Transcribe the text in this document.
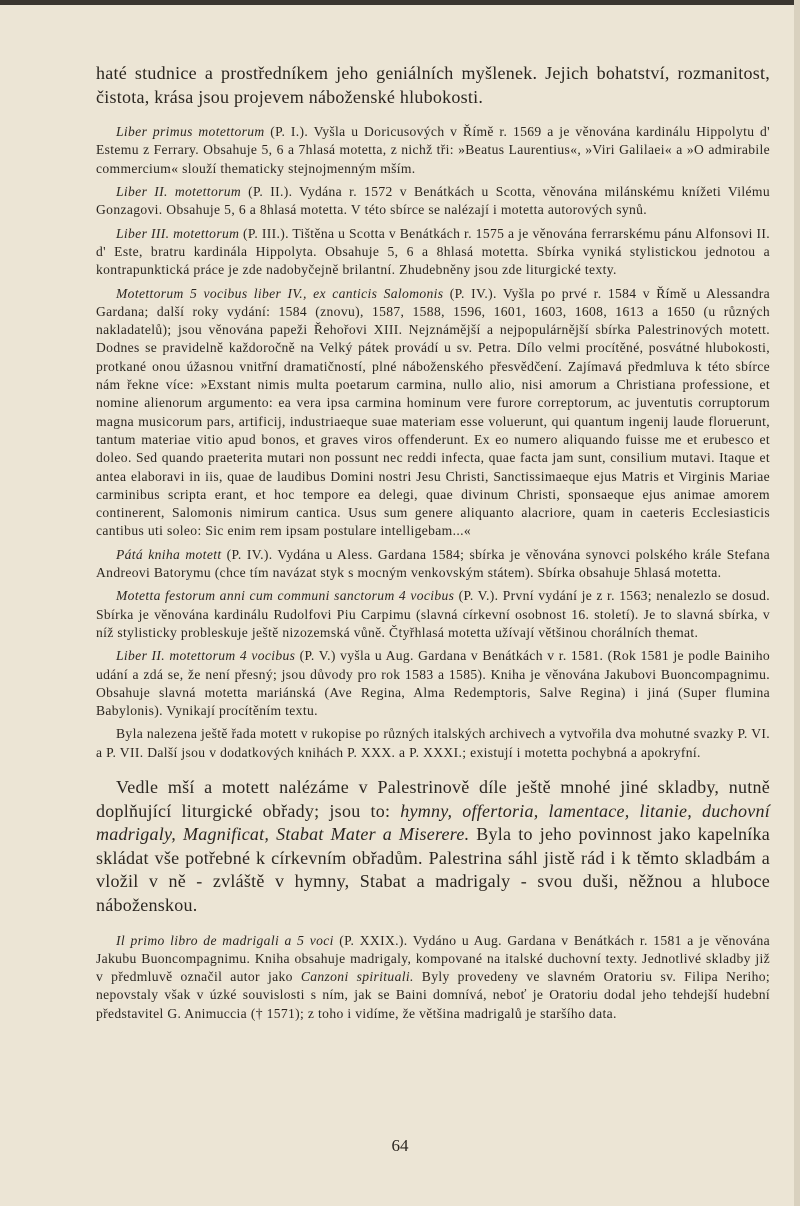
haté studnice a prostředníkem jeho geniálních myšlenek. Jejich bohatství, rozmanitost, čistota, krása jsou projevem náboženské hlubokosti.

Liber primus motettorum (P. I.). Vyšla u Doricusových v Římě r. 1569 a je věnována kardinálu Hippolytu d' Estemu z Ferrary. Obsahuje 5, 6 a 7hlasá motetta, z nichž tři: »Beatus Laurentius«, »Viri Galilaei« a »O admirabile commercium« slouží thematicky stejnojmenným mším.

Liber II. motettorum (P. II.). Vydána r. 1572 v Benátkách u Scotta, věnována milánskému knížeti Vilému Gonzagovi. Obsahuje 5, 6 a 8hlasá motetta. V této sbírce se nalézají i motetta autorových synů.

Liber III. motettorum (P. III.). Tištěna u Scotta v Benátkách r. 1575 a je věnována ferrarskému pánu Alfonsovi II. d' Este, bratru kardinála Hippolyta. Obsahuje 5, 6 a 8hlasá motetta. Sbírka vyniká stylistickou jednotou a kontrapunktická práce je zde nadobyčejně brilantní. Zhudebněny jsou zde liturgické texty.

Motettorum 5 vocibus liber IV., ex canticis Salomonis (P. IV.). Vyšla po prvé r. 1584 v Římě u Alessandra Gardana; další roky vydání: 1584 (znovu), 1587, 1588, 1596, 1601, 1603, 1608, 1613 a 1650 (u různých nakladatelů); jsou věnována papeži Řehořovi XIII. Nejznámější a nejpopulárnější sbírka Palestrinových motett. Dodnes se pravidelně každoročně na Velký pátek provádí u sv. Petra. Dílo velmi procítěné, posvátné hlubokosti, protkané onou úžasnou vnitřní dramatičností, plné náboženského přesvědčení. Zajímavá předmluva k této sbírce nám řekne více: »Exstant nimis multa poetarum carmina, nullo alio, nisi amorum a Christiana professione, et nomine alienorum argumento: ea vera ipsa carmina hominum vere furore correptorum, ac juventutis corruptorum magna musicorum pars, artificij, industriaeque suae materiam esse voluerunt, qui quantum ingenij laude floruerunt, tantum materiae vitio apud bonos, et graves viros offenderunt. Ex eo numero aliquando fuisse me et erubesco et doleo. Sed quando praeterita mutari non possunt nec reddi infecta, quae facta jam sunt, consilium mutavi. Itaque et antea elaboravi in iis, quae de laudibus Domini nostri Jesu Christi, Sanctissimaeque ejus Matris et Virginis Mariae carminibus scripta erant, et hoc tempore ea delegi, quae divinum Christi, sponsaeque ejus animae amorem continerent, Salomonis nimirum cantica. Usus sum genere aliquanto alacriore, quam in caeteris Ecclesiasticis cantibus uti soleo: Sic enim rem ipsam postulare intelligebam...«

Pátá kniha motett (P. IV.). Vydána u Aless. Gardana 1584; sbírka je věnována synovci polského krále Stefana Andreovi Batorymu (chce tím navázat styk s mocným venkovským státem). Sbírka obsahuje 5hlasá motetta.

Motetta festorum anni cum communi sanctorum 4 vocibus (P. V.). První vydání je z r. 1563; nenalezlo se dosud. Sbírka je věnována kardinálu Rudolfovi Piu Carpimu (slavná církevní osobnost 16. století). Je to slavná sbírka, v níž stylisticky probleskuje ještě nizozemská vůně. Čtyřhlasá motetta užívají většinou chorálních themat.

Liber II. motettorum 4 vocibus (P. V.) vyšla u Aug. Gardana v Benátkách v r. 1581. (Rok 1581 je podle Bainiho udání a zdá se, že není přesný; jsou důvody pro rok 1583 a 1585). Kniha je věnována Jakubovi Buoncompagnimu. Obsahuje slavná motetta mariánská (Ave Regina, Alma Redemptoris, Salve Regina) i jiná (Super flumina Babylonis). Vynikají procítěním textu.

Byla nalezena ještě řada motett v rukopise po různých italských archivech a vytvořila dva mohutné svazky P. VI. a P. VII. Další jsou v dodatkových knihách P. XXX. a P. XXXI.; existují i motetta pochybná a apokryfní.

Vedle mší a motett nalézáme v Palestrinově díle ještě mnohé jiné skladby, nutně doplňující liturgické obřady; jsou to: hymny, offertoria, lamentace, litanie, duchovní madrigaly, Magnificat, Stabat Mater a Miserere. Byla to jeho povinnost jako kapelníka skládat vše potřebné k církevním obřadům. Palestrina sáhl jistě rád i k těmto skladbám a vložil v ně - zvláště v hymny, Stabat a madrigaly - svou duši, něžnou a hluboce náboženskou.

Il primo libro de madrigali a 5 voci (P. XXIX.). Vydáno u Aug. Gardana v Benátkách r. 1581 a je věnována Jakubu Buoncompagnimu. Kniha obsahuje madrigaly, kompované na italské duchovní texty. Jednotlivé skladby již v předmluvě označil autor jako Canzoni spirituali. Byly provedeny ve slavném Oratoriu sv. Filipa Neriho; nepovstaly však v úzké souvislosti s ním, jak se Baini domnívá, neboť je Oratoriu dodal jeho tehdejší hudební představitel G. Animuccia († 1571); z toho i vidíme, že většina madrigalů je staršího data.

64
